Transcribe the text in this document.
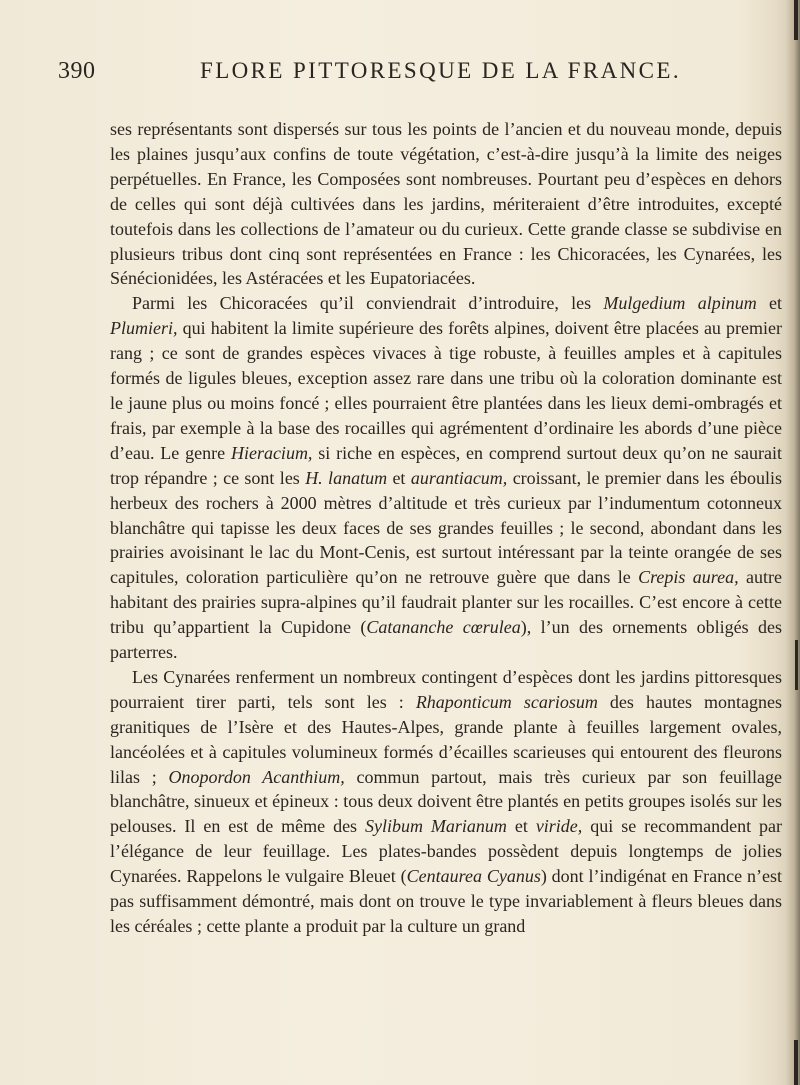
390	FLORE PITTORESQUE DE LA FRANCE.

ses représentants sont dispersés sur tous les points de l’ancien et du nouveau monde, depuis les plaines jusqu’aux confins de toute végétation, c’est-à-dire jusqu’à la limite des neiges perpétuelles. En France, les Composées sont nombreuses. Pourtant peu d’espèces en dehors de celles qui sont déjà cultivées dans les jardins, mériteraient d’être introduites, excepté toutefois dans les collections de l’amateur ou du curieux. Cette grande classe se subdivise en plusieurs tribus dont cinq sont représentées en France : les Chicoracées, les Cynarées, les Sénécionidées, les Astéracées et les Eupatoriacées.

Parmi les Chicoracées qu’il conviendrait d’introduire, les Mulgedium alpinum et Plumieri, qui habitent la limite supérieure des forêts alpines, doivent être placées au premier rang ; ce sont de grandes espèces vivaces à tige robuste, à feuilles amples et à capitules formés de ligules bleues, exception assez rare dans une tribu où la coloration dominante est le jaune plus ou moins foncé ; elles pourraient être plantées dans les lieux demi-ombragés et frais, par exemple à la base des rocailles qui agrémentent d’ordinaire les abords d’une pièce d’eau. Le genre Hieracium, si riche en espèces, en comprend surtout deux qu’on ne saurait trop répandre ; ce sont les H. lanatum et aurantiacum, croissant, le premier dans les éboulis herbeux des rochers à 2000 mètres d’altitude et très curieux par l’indumentum cotonneux blanchâtre qui tapisse les deux faces de ses grandes feuilles ; le second, abondant dans les prairies avoisinant le lac du Mont-Cenis, est surtout intéressant par la teinte orangée de ses capitules, coloration particulière qu’on ne retrouve guère que dans le Crepis aurea, autre habitant des prairies supra-alpines qu’il faudrait planter sur les rocailles. C’est encore à cette tribu qu’appartient la Cupidone (Catananche cœrulea), l’un des ornements obligés des parterres.

Les Cynarées renferment un nombreux contingent d’espèces dont les jardins pittoresques pourraient tirer parti, tels sont les : Rhaponticum scariosum des hautes montagnes granitiques de l’Isère et des Hautes-Alpes, grande plante à feuilles largement ovales, lancéolées et à capitules volumineux formés d’écailles scarieuses qui entourent des fleurons lilas ; Onopordon Acanthium, commun partout, mais très curieux par son feuillage blanchâtre, sinueux et épineux : tous deux doivent être plantés en petits groupes isolés sur les pelouses. Il en est de même des Sylibum Marianum et viride, qui se recommandent par l’élégance de leur feuillage. Les plates-bandes possèdent depuis longtemps de jolies Cynarées. Rappelons le vulgaire Bleuet (Centaurea Cyanus) dont l’indigénat en France n’est pas suffisamment démontré, mais dont on trouve le type invariablement à fleurs bleues dans les céréales ; cette plante a produit par la culture un grand
